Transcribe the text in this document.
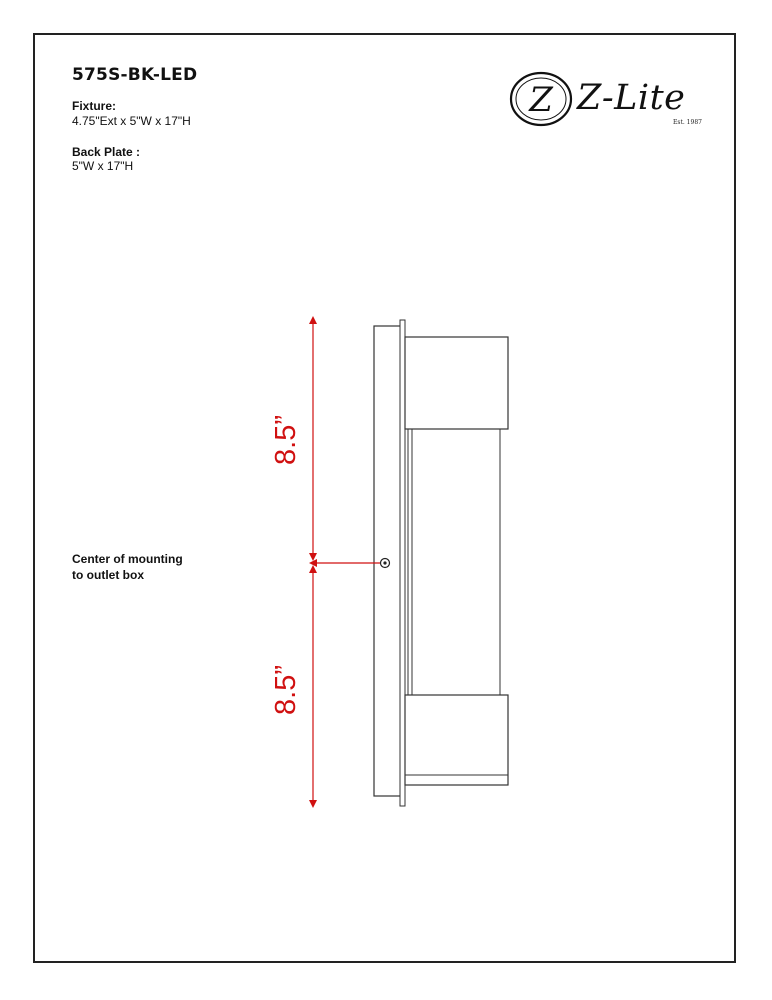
575S-BK-LED
Fixture:
4.75"Ext x 5"W x 17"H
Back Plate :
5"W x 17"H
Z Z-Lite
Est. 1987
Center of mounting
to outlet box
8.5”
8.5”
